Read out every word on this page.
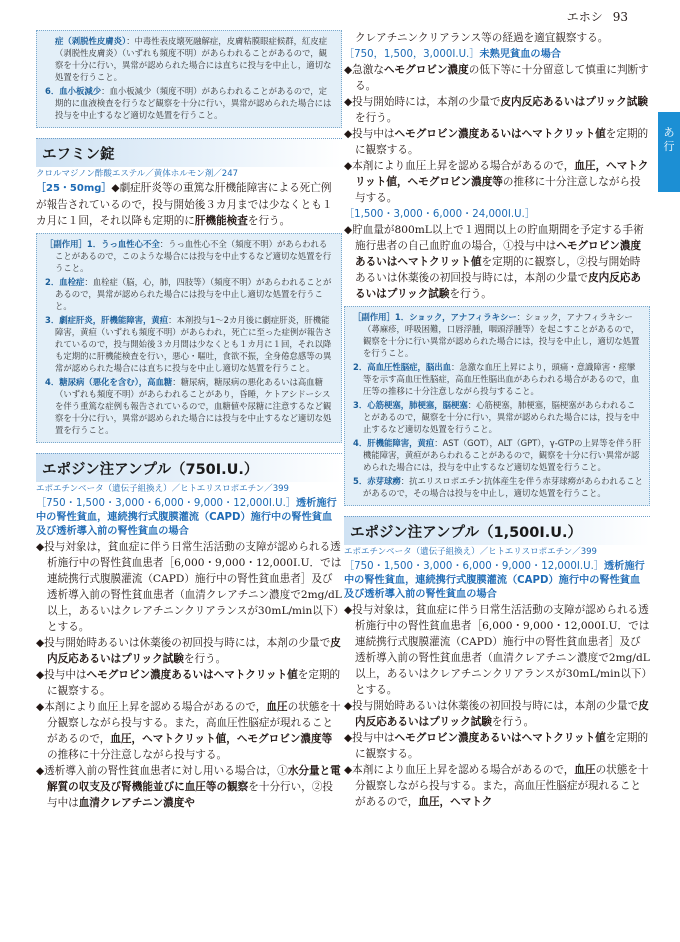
エホシ 93
あ
行

症（剥脱性皮膚炎）：中毒性表皮壊死融解症，皮膚粘膜眼症候群，紅皮症（剥脱性皮膚炎）（いずれも頻度不明）があらわれることがあるので，観察を十分に行い，異常が認められた場合には直ちに投与を中止し，適切な処置を行うこと。

6．血小板減少：血小板減少（頻度不明）があらわれることがあるので，定期的に血液検査を行うなど観察を十分に行い，異常が認められた場合には投与を中止するなど適切な処置を行うこと。

エフミン錠
クロルマジノン酢酸エステル／黄体ホルモン剤／247

［25・50mg］◆劇症肝炎等の重篤な肝機能障害による死亡例が報告されているので，投与開始後３カ月までは少なくとも１カ月に１回，それ以降も定期的に肝機能検査を行う。

［副作用］1．うっ血性心不全：うっ血性心不全（頻度不明）があらわれることがあるので，このような場合には投与を中止するなど適切な処置を行うこと。

2．血栓症：血栓症（脳，心，肺，四肢等）（頻度不明）があらわれることがあるので，異常が認められた場合には投与を中止し適切な処置を行うこと。

3．劇症肝炎，肝機能障害，黄疸：本剤投与1〜2カ月後に劇症肝炎，肝機能障害，黄疸（いずれも頻度不明）があらわれ，死亡に至った症例が報告されているので，投与開始後３カ月間は少なくとも１カ月に１回，それ以降も定期的に肝機能検査を行い，悪心・嘔吐，食欲不振，全身倦怠感等の異常が認められた場合には直ちに投与を中止し適切な処置を行うこと。

4．糖尿病（悪化を含む），高血糖：糖尿病，糖尿病の悪化あるいは高血糖（いずれも頻度不明）があらわれることがあり，昏睡，ケトアシドーシスを伴う重篤な症例も報告されているので，血糖値や尿糖に注意するなど観察を十分に行い，異常が認められた場合には投与を中止するなど適切な処置を行うこと。

エポジン注アンプル（750I.U.）
エポエチンベータ（遺伝子組換え）／ヒトエリスロポエチン／399
［750・1,500・3,000・6,000・9,000・12,000I.U.］透析施行中の腎性貧血，連続携行式腹膜灌流（CAPD）施行中の腎性貧血及び透析導入前の腎性貧血の場合

◆投与対象は，貧血症に伴う日常生活活動の支障が認められる透析施行中の腎性貧血患者［6,000・9,000・12,000I.U．では連続携行式腹膜灌流（CAPD）施行中の腎性貧血患者］及び透析導入前の腎性貧血患者（血清クレアチニン濃度で2mg/dL以上，あるいはクレアチニンクリアランスが30mL/min以下）とする。

◆投与開始時あるいは休薬後の初回投与時には，本剤の少量で皮内反応あるいはプリック試験を行う。

◆投与中はヘモグロビン濃度あるいはヘマトクリット値を定期的に観察する。

◆本剤により血圧上昇を認める場合があるので，血圧の状態を十分観察しながら投与する。また，高血圧性脳症が現れることがあるので，血圧，ヘマトクリット値，ヘモグロビン濃度等の推移に十分注意しながら投与する。

◆透析導入前の腎性貧血患者に対し用いる場合は，①水分量と電解質の収支及び腎機能並びに血圧等の観察を十分行い，②投与中は血清クレアチニン濃度や

クレアチニンクリアランス等の経過を適宜観察する。

［750，1,500，3,000I.U.］未熟児貧血の場合

◆急激なヘモグロビン濃度の低下等に十分留意して慎重に判断する。

◆投与開始時には，本剤の少量で皮内反応あるいはプリック試験を行う。

◆投与中はヘモグロビン濃度あるいはヘマトクリット値を定期的に観察する。

◆本剤により血圧上昇を認める場合があるので，血圧，ヘマトクリット値，ヘモグロビン濃度等の推移に十分注意しながら投与する。

［1,500・3,000・6,000・24,000I.U.］

◆貯血量が800mL以上で１週間以上の貯血期間を予定する手術施行患者の自己血貯血の場合，①投与中はヘモグロビン濃度あるいはヘマトクリット値を定期的に観察し，②投与開始時あるいは休薬後の初回投与時には，本剤の少量で皮内反応あるいはプリック試験を行う。

［副作用］1．ショック，アナフィラキシー：ショック，アナフィラキシー（蕁麻疹，呼吸困難，口唇浮腫，咽頭浮腫等）を起こすことがあるので，観察を十分に行い異常が認められた場合には，投与を中止し，適切な処置を行うこと。

2．高血圧性脳症，脳出血：急激な血圧上昇により，頭痛・意識障害・痙攣等を示す高血圧性脳症，高血圧性脳出血があらわれる場合があるので，血圧等の推移に十分注意しながら投与すること。

3．心筋梗塞，肺梗塞，脳梗塞：心筋梗塞，肺梗塞，脳梗塞があらわれることがあるので，観察を十分に行い，異常が認められた場合には，投与を中止するなど適切な処置を行うこと。

4．肝機能障害，黄疸：AST（GOT），ALT（GPT），γ-GTPの上昇等を伴う肝機能障害，黄疸があらわれることがあるので，観察を十分に行い異常が認められた場合には，投与を中止するなど適切な処置を行うこと。

5．赤芽球癆：抗エリスロポエチン抗体産生を伴う赤芽球癆があらわれることがあるので，その場合は投与を中止し，適切な処置を行うこと。

エポジン注アンプル（1,500I.U.）
エポエチンベータ（遺伝子組換え）／ヒトエリスロポエチン／399
［750・1,500・3,000・6,000・9,000・12,000I.U.］透析施行中の腎性貧血，連続携行式腹膜灌流（CAPD）施行中の腎性貧血及び透析導入前の腎性貧血の場合

◆投与対象は，貧血症に伴う日常生活活動の支障が認められる透析施行中の腎性貧血患者［6,000・9,000・12,000I.U．では連続携行式腹膜灌流（CAPD）施行中の腎性貧血患者］及び透析導入前の腎性貧血患者（血清クレアチニン濃度で2mg/dL以上，あるいはクレアチニンクリアランスが30mL/min以下）とする。

◆投与開始時あるいは休薬後の初回投与時には，本剤の少量で皮内反応あるいはプリック試験を行う。

◆投与中はヘモグロビン濃度あるいはヘマトクリット値を定期的に観察する。

◆本剤により血圧上昇を認める場合があるので，血圧の状態を十分観察しながら投与する。また，高血圧性脳症が現れることがあるので，血圧，ヘマトク
